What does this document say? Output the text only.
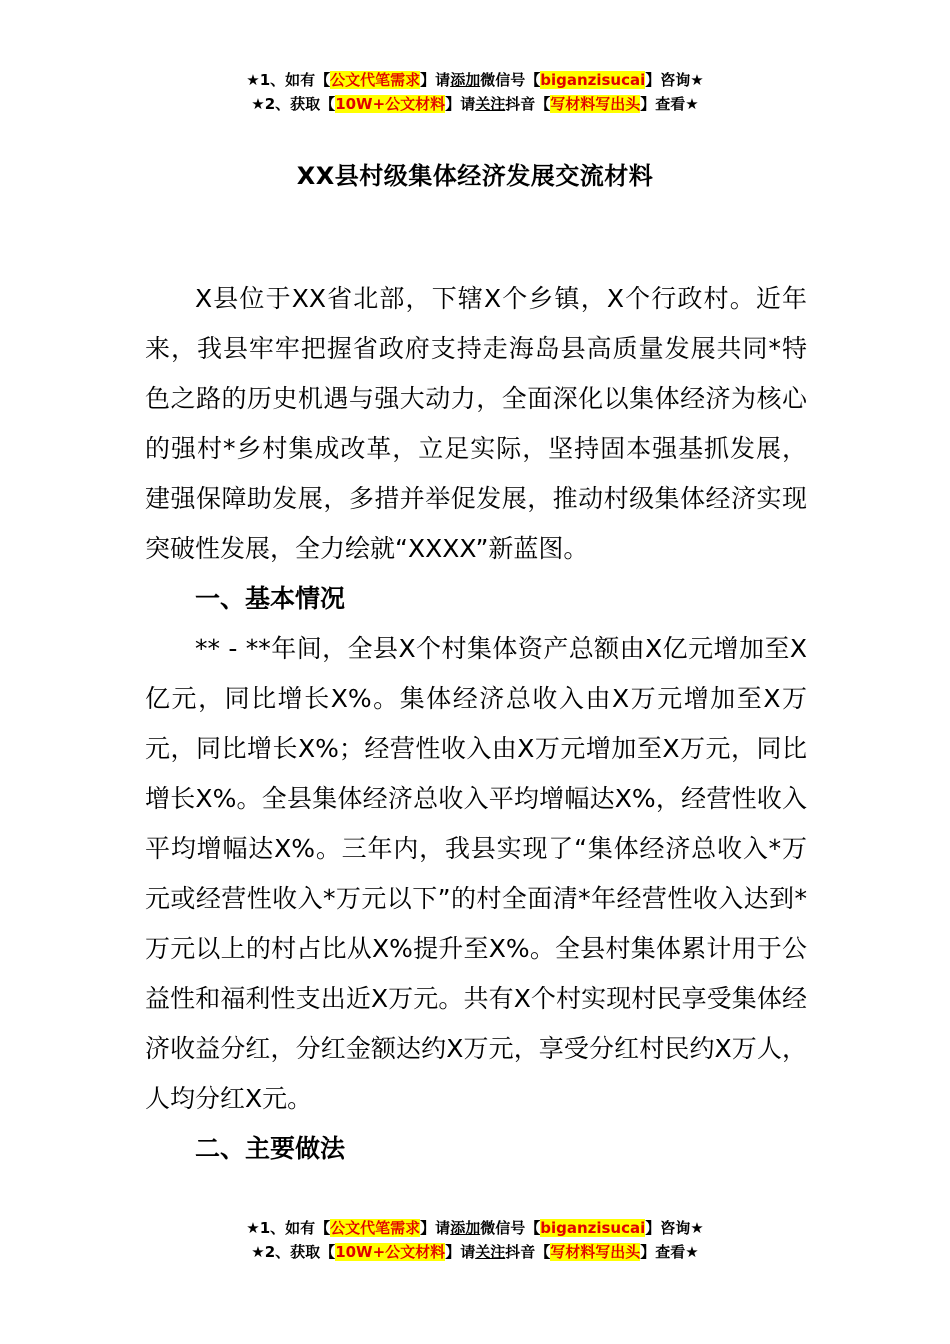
★1、如有【公文代笔需求】请添加微信号【biganzisucai】咨询★
★2、获取【10W+公文材料】请关注抖音【写材料写出头】查看★
XX县村级集体经济发展交流材料

X县位于XX省北部，下辖X个乡镇，X个行政村。近年来，我县牢牢把握省政府支持走海岛县高质量发展共同*特色之路的历史机遇与强大动力，全面深化以集体经济为核心的强村*乡村集成改革，立足实际，坚持固本强基抓发展，建强保障助发展，多措并举促发展，推动村级集体经济实现突破性发展，全力绘就“XXXX”新蓝图。

一、基本情况

** - **年间，全县X个村集体资产总额由X亿元增加至X亿元，同比增长X%。集体经济总收入由X万元增加至X万元，同比增长X%；经营性收入由X万元增加至X万元，同比增长X%。全县集体经济总收入平均增幅达X%，经营性收入平均增幅达X%。三年内，我县实现了“集体经济总收入*万元或经营性收入*万元以下”的村全面清*年经营性收入达到*万元以上的村占比从X%提升至X%。全县村集体累计用于公益性和福利性支出近X万元。共有X个村实现村民享受集体经济收益分红，分红金额达约X万元，享受分红村民约X万人，人均分红X元。

二、主要做法
★1、如有【公文代笔需求】请添加微信号【biganzisucai】咨询★
★2、获取【10W+公文材料】请关注抖音【写材料写出头】查看★
